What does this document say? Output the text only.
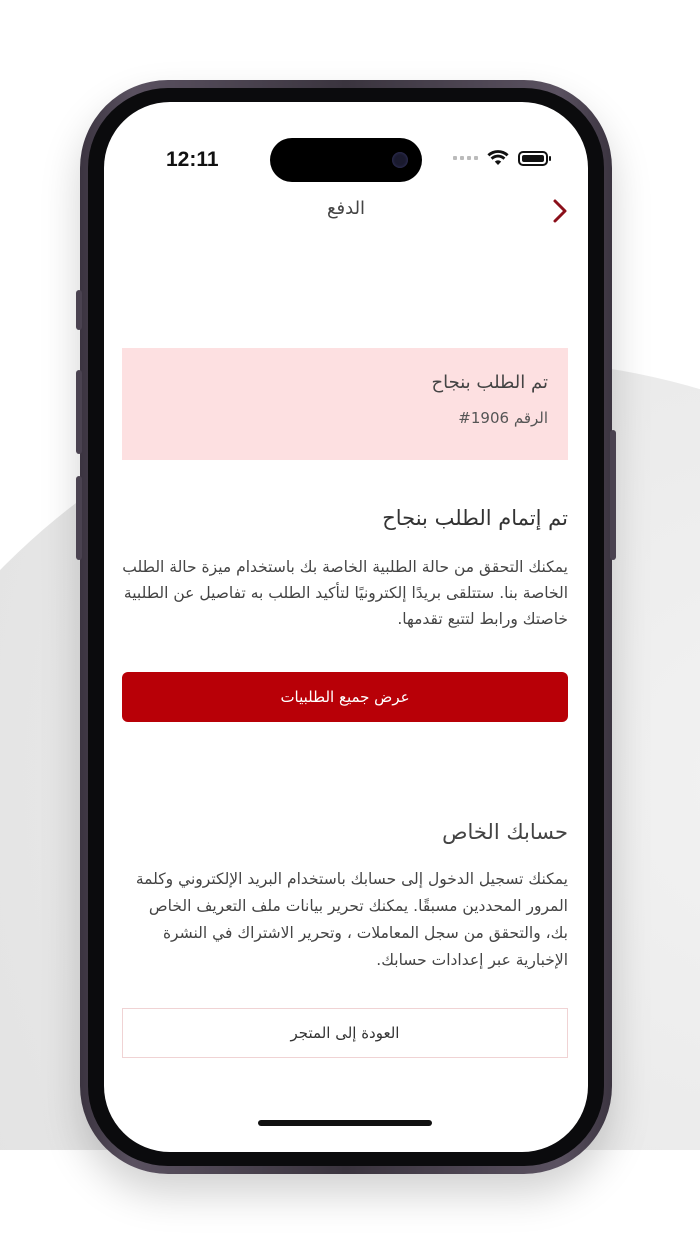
12:11
الدفع
تم الطلب بنجاح
الرقم 1906#
تم إتمام الطلب بنجاح
يمكنك التحقق من حالة الطلبية الخاصة بك باستخدام ميزة حالة الطلب الخاصة بنا. ستتلقى بريدًا إلكترونيًا لتأكيد الطلب به تفاصيل عن الطلبية خاصتك ورابط لتتبع تقدمها.
عرض جميع الطلبيات
حسابك الخاص
يمكنك تسجيل الدخول إلى حسابك باستخدام البريد الإلكتروني وكلمة المرور المحددين مسبقًا. يمكنك تحرير بيانات ملف التعريف الخاص بك، والتحقق من سجل المعاملات ، وتحرير الاشتراك في النشرة الإخبارية عبر إعدادات حسابك.
العودة إلى المتجر
